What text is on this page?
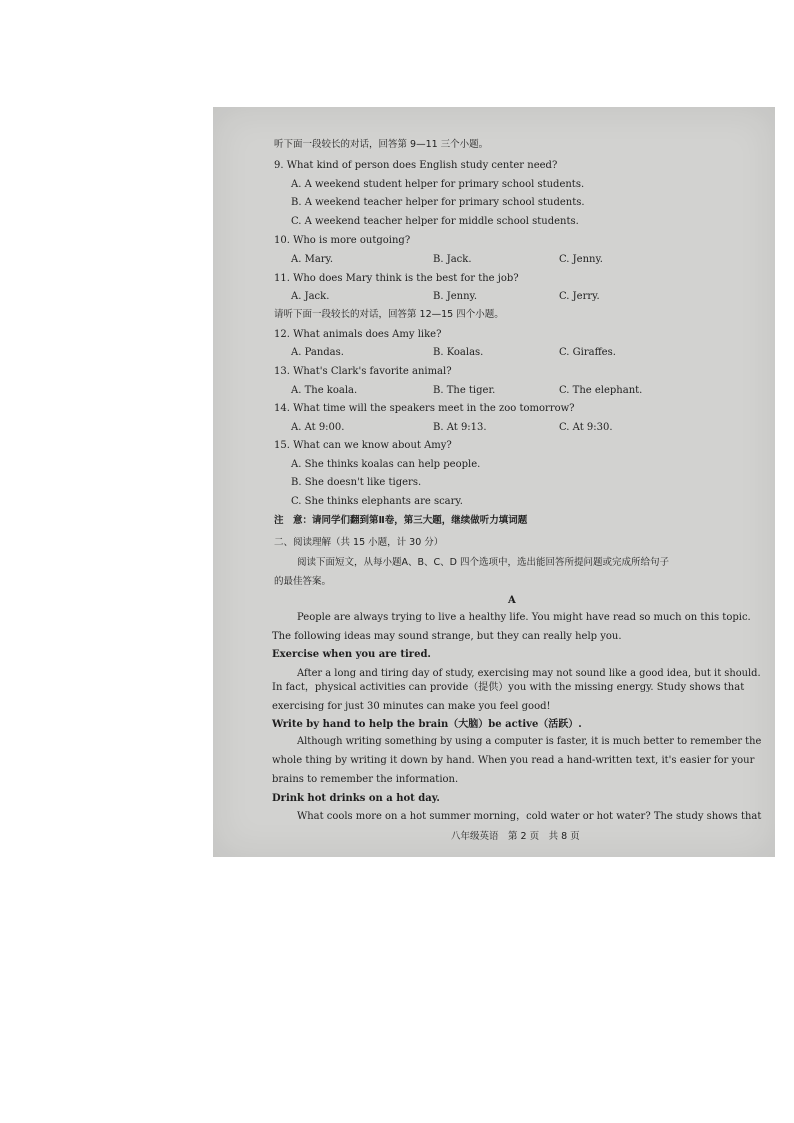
听下面一段较长的对话，回答第 9—11 三个小题。
9. What kind of person does English study center need?
A. A weekend student helper for primary school students.
B. A weekend teacher helper for primary school students.
C. A weekend teacher helper for middle school students.
10. Who is more outgoing?
A. Mary.	B. Jack.	C. Jenny.
11. Who does Mary think is the best for the job?
A. Jack.	B. Jenny.	C. Jerry.
请听下面一段较长的对话，回答第 12—15 四个小题。
12. What animals does Amy like?
A. Pandas.	B. Koalas.	C. Giraffes.
13. What's Clark's favorite animal?
A. The koala.	B. The tiger.	C. The elephant.
14. What time will the speakers meet in the zoo tomorrow?
A. At 9:00.	B. At 9:13.	C. At 9:30.
15. What can we know about Amy?
A. She thinks koalas can help people.
B. She doesn't like tigers.
C. She thinks elephants are scary.
注　意：请同学们翻到第Ⅱ卷，第三大题，继续做听力填词题
二、阅读理解（共 15 小题，计 30 分）
阅读下面短文，从每小题A、B、C、D 四个选项中，选出能回答所提问题或完成所给句子
的最佳答案。
A
People are always trying to live a healthy life. You might have read so much on this topic.
The following ideas may sound strange, but they can really help you.
Exercise when you are tired.
After a long and tiring day of study, exercising may not sound like a good idea, but it should.
In fact，physical activities can provide（提供）you with the missing energy. Study shows that
exercising for just 30 minutes can make you feel good!
Write by hand to help the brain（大脑）be active（活跃）.
Although writing something by using a computer is faster, it is much better to remember the
whole thing by writing it down by hand. When you read a hand-written text, it's easier for your
brains to remember the information.
Drink hot drinks on a hot day.
What cools more on a hot summer morning，cold water or hot water? The study shows that
八年级英语　第 2 页　共 8 页
